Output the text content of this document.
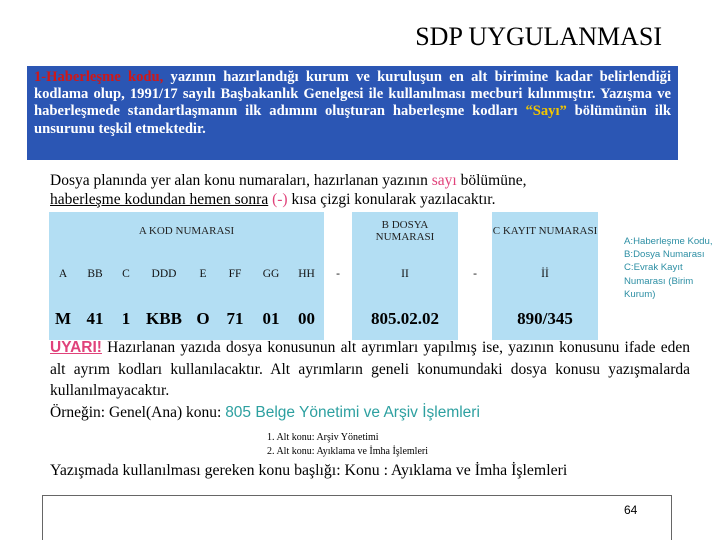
SDP UYGULANMASI
1-Haberleşme kodu, yazının hazırlandığı kurum ve kuruluşun en alt birimine kadar belirlendiği kodlama olup, 1991/17 sayılı Başbakanlık Genelgesi ile kullanılması mecburi kılınmıştır. Yazışma ve haberleşmede standartlaşmanın ilk adımını oluşturan haberleşme kodları “Sayı” bölümünün ilk unsurunu teşkil etmektedir.
Dosya planında yer alan konu numaraları, hazırlanan yazının sayı bölümüne,
haberleşme kodundan hemen sonra (-) kısa çizgi konularak yazılacaktır.
A KOD NUMARASI									B DOSYA NUMARASI		C KAYIT NUMARASI
A	BB	C	DDD	E	FF	GG	HH	-	II	-	İİ
M	41	1	KBB	O	71	01	00		805.02.02		890/345
A:Haberleşme Kodu,
B:Dosya Numarası
C:Evrak Kayıt Numarası (Birim Kurum)
UYARI! Hazırlanan yazıda dosya konusunun alt ayrımları yapılmış ise, yazının konusunu ifade eden alt ayrım kodları kullanılacaktır. Alt ayrımların geneli konumundaki dosya konusu yazışmalarda kullanılmayacaktır.
Örneğin: Genel(Ana) konu: 805 Belge Yönetimi ve Arşiv İşlemleri
1. Alt konu: Arşiv Yönetimi
2. Alt konu: Ayıklama ve İmha İşlemleri
Yazışmada kullanılması gereken konu başlığı: Konu : Ayıklama ve İmha İşlemleri
64
